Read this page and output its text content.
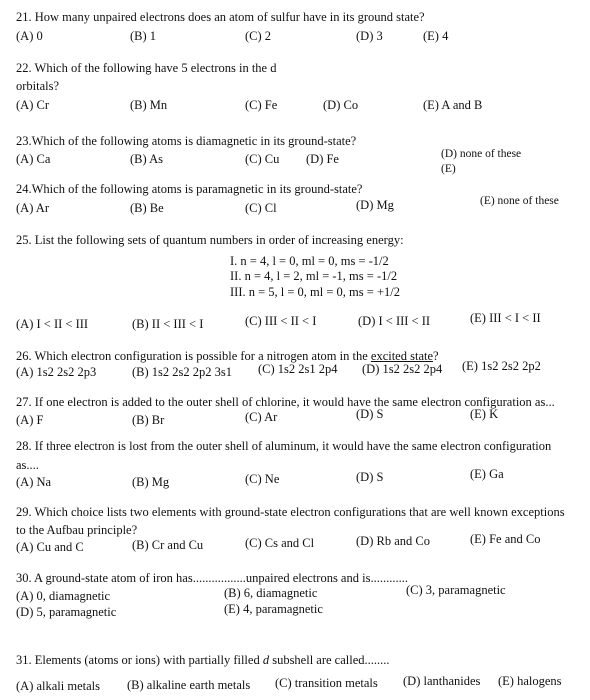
21. How many unpaired electrons does an atom of sulfur have in its ground state?
(A) 0	(B) 1	(C) 2	(D) 3	(E) 4
22. Which of the following have 5 electrons in the d
orbitals?
(A) Cr	(B) Mn	(C) Fe	(D) Co	(E) A and B
23.Which of the following atoms is diamagnetic in its ground-state?
(A) Ca	(B) As	(C) Cu (D) Fe	(D) none of these
(E)
24.Which of the following atoms is paramagnetic in its ground-state?
(A) Ar	(B) Be	(C) Cl	(D) Mg	(E) none of these
25. List the following sets of quantum numbers in order of increasing energy:
I. n = 4, l = 0, ml = 0, ms = -1/2
II. n = 4, l = 2, ml = -1, ms = -1/2
III. n = 5, l = 0, ml = 0, ms = +1/2
(A) I < II < III	(B) II < III < I	(C) III < II < I	(D) I < III < II	(E) III < I < II
26. Which electron configuration is possible for a nitrogen atom in the excited state?
(A) 1s2 2s2 2p3	(B) 1s2 2s2 2p2 3s1 (C) 1s2 2s1 2p4 (D) 1s2 2s2 2p4 (E) 1s2 2s2 2p2
27. If one electron is added to the outer shell of chlorine, it would have the same electron configuration as...
(A) F	(B) Br	(C) Ar	(D) S	(E) K
28. If three electron is lost from the outer shell of aluminum, it would have the same electron configuration
as....
(A) Na	(B) Mg	(C) Ne	(D) S	(E) Ga
29. Which choice lists two elements with ground-state electron configurations that are well known exceptions
to the Aufbau principle?
(A) Cu and C	(B) Cr and Cu	(C) Cs and Cl	(D) Rb and Co	(E) Fe and Co
30. A ground-state atom of iron has.................unpaired electrons and is............
(A) 0, diamagnetic	(B) 6, diamagnetic	(C) 3, paramagnetic
(D) 5, paramagnetic	(E) 4, paramagnetic
31. Elements (atoms or ions) with partially filled d subshell are called........
(A) alkali metals (B) alkaline earth metals (C) transition metals (D) lanthanides (E) halogens
